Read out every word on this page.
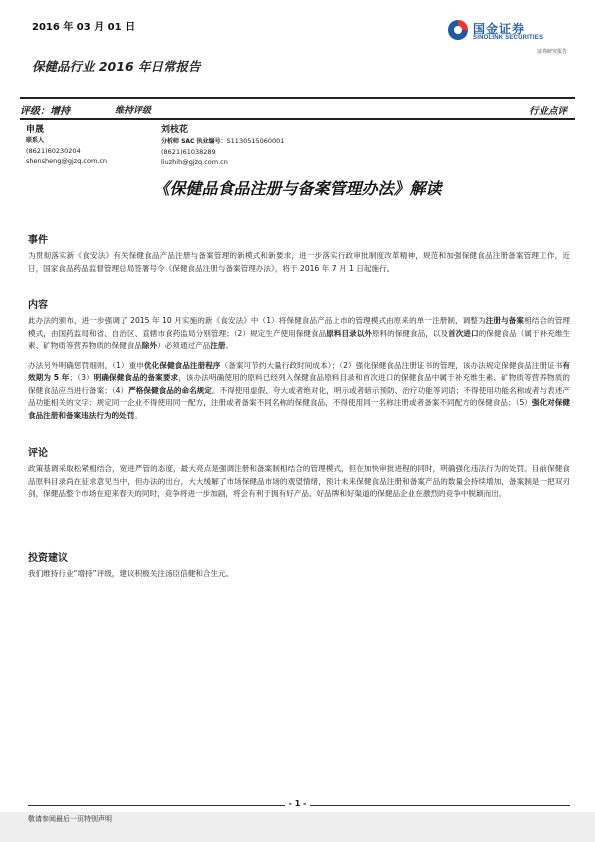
2016 年 03 月 01 日	国金证券
SINOLINK SECURITIES
证券研究报告
保健品行业 2016 年日常报告
评级：增持	维持评级	行业点评
申晟
联系人
(8621)60230204
shensheng@gjzq.com.cn
刘枝花
分析师 SAC 执业编号：S1130515060001
(8621)61038289
liuzhih@gjzq.com.cn
《保健品食品注册与备案管理办法》解读
事件

为贯彻落实新《食安法》有关保健食品产品注册与备案管理的新模式和新要求，进一步落实行政审批制度改革精神，规范和加强保健食品注册备案管理工作，近日，国家食品药品监督管理总局签署号令《保健食品注册与备案管理办法》，将于 2016 年 7 月 1 日起施行。

内容

此办法的颁布，进一步强调了 2015 年 10 月实施的新《食安法》中（1）将保健食品产品上市的管理模式由原来的单一注册制，调整为注册与备案相结合的管理模式，由国药监局和省、自治区、直辖市食药监局分别管理；（2）规定生产使用保健食品原料目录以外原料的保健食品，以及首次进口的保健食品（属于补充维生素、矿物质等营养物质的保健食品除外）必须通过产品注册。

办法另外明确惩罚细则，（1）重申优化保健食品注册程序（备案可节约大量行政时间成本）；（2）强化保健食品注册证书的管理，该办法规定保健食品注册证书有效期为 5 年；（3）明确保健食品的备案要求，该办法明确使用的原料已经列入保健食品原料目录和首次进口的保健食品中属于补充维生素、矿物质等营养物质的保健食品应当进行备案；（4）严格保健食品的命名规定。不得使用虚假、夸大或者绝对化，明示或者暗示预防、治疗功能等词语；不得使用功能名称或者与表述产品功能相关的文字；规定同一企业不得使用同一配方，注册或者备案不同名称的保健食品，不得使用同一名称注册或者备案不同配方的保健食品；（5）强化对保健食品注册和备案违法行为的处罚。

评论

政策基调采取松紧相结合，宽进严管的态度，最大亮点是强调注册和备案制相结合的管理模式，但在加快审批进程的同时，明确强化违法行为的处罚。目前保健食品原料目录尚在征求意见当中，但办法的出台，大大缓解了市场保健品市场的观望情绪，预计未来保健食品注册和备案产品的数量会持续增加，备案制是一把双刃剑，保健品整个市场在迎来春天的同时，竞争将进一步加剧，将会有利于拥有好产品、好品牌和好渠道的保健品企业在激烈的竞争中脱颖而出。

投资建议

我们维持行业“增持”评级，建议积极关注汤臣倍健和合生元。

- 1 -
敬请参阅最后一页特别声明
